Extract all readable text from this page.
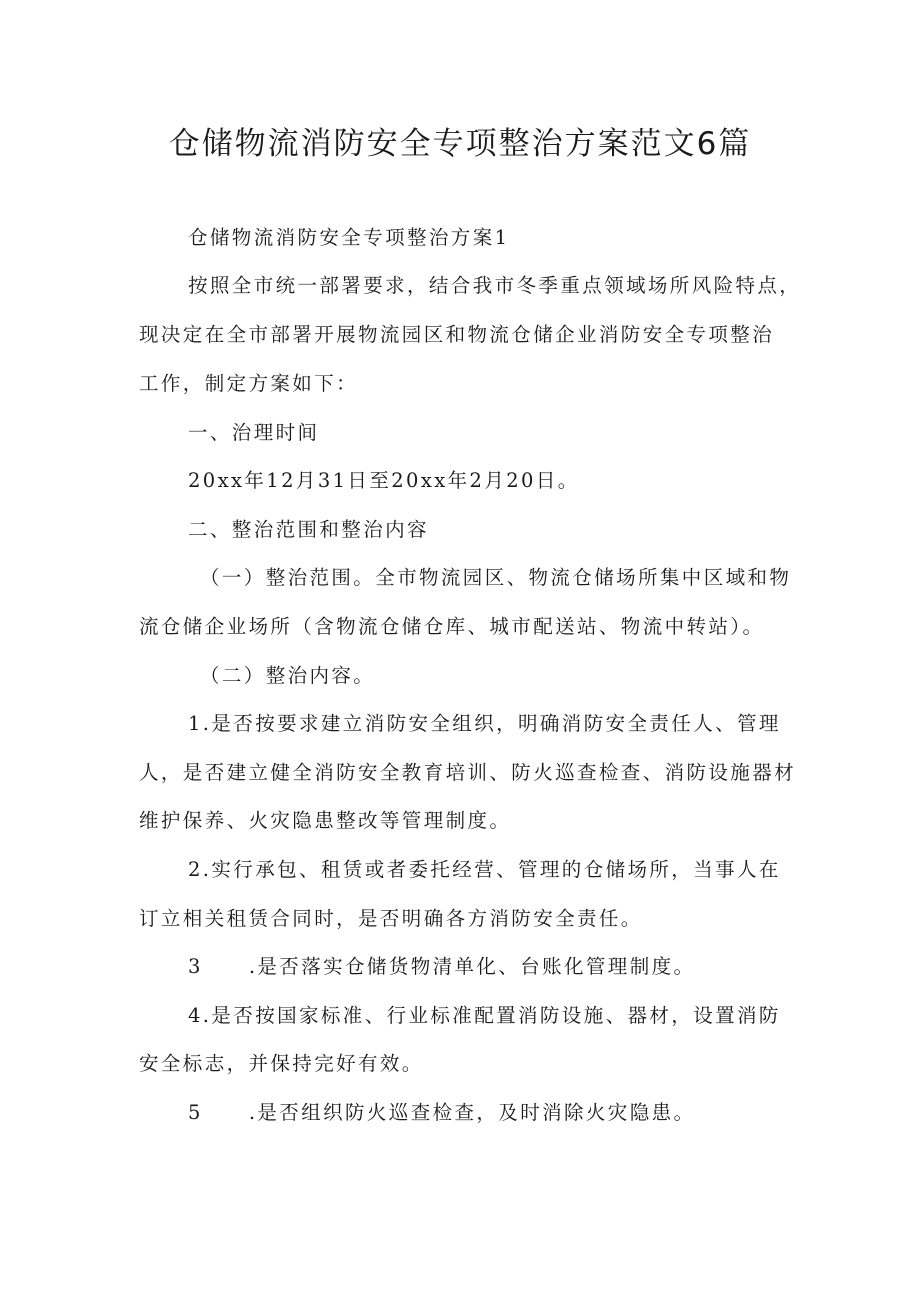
仓储物流消防安全专项整治方案范文6篇

仓储物流消防安全专项整治方案1

按照全市统一部署要求，结合我市冬季重点领域场所风险特点，

现决定在全市部署开展物流园区和物流仓储企业消防安全专项整治

工作，制定方案如下：

一、治理时间

20xx年12月31日至20xx年2月20日。

二、整治范围和整治内容

（一）整治范围。全市物流园区、物流仓储场所集中区域和物

流仓储企业场所（含物流仓储仓库、城市配送站、物流中转站）。

（二）整治内容。

1.是否按要求建立消防安全组织，明确消防安全责任人、管理

人，是否建立健全消防安全教育培训、防火巡查检查、消防设施器材

维护保养、火灾隐患整改等管理制度。

2.实行承包、租赁或者委托经营、管理的仓储场所，当事人在

订立相关租赁合同时，是否明确各方消防安全责任。

3 .是否落实仓储货物清单化、台账化管理制度。

4.是否按国家标准、行业标准配置消防设施、器材，设置消防

安全标志，并保持完好有效。

5 .是否组织防火巡查检查，及时消除火灾隐患。
